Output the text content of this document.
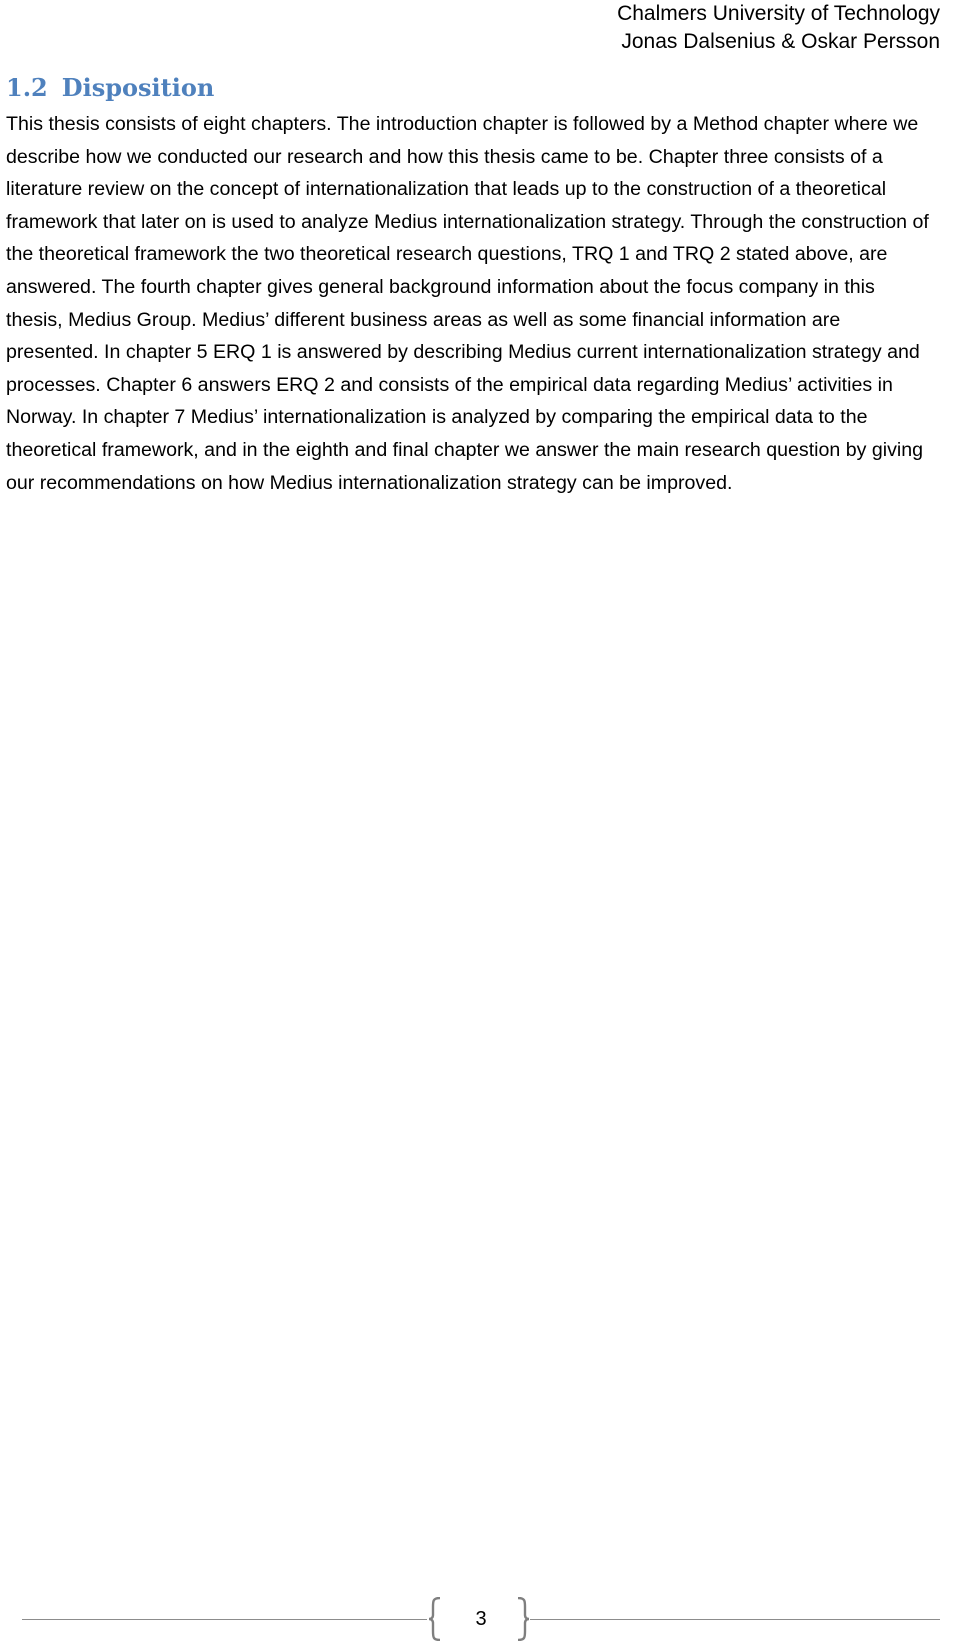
Chalmers University of Technology
Jonas Dalsenius & Oskar Persson
1.2 Disposition

This thesis consists of eight chapters. The introduction chapter is followed by a Method chapter where we describe how we conducted our research and how this thesis came to be. Chapter three consists of a literature review on the concept of internationalization that leads up to the construction of a theoretical framework that later on is used to analyze Medius internationalization strategy. Through the construction of the theoretical framework the two theoretical research questions, TRQ 1 and TRQ 2 stated above, are answered. The fourth chapter gives general background information about the focus company in this thesis, Medius Group. Medius’ different business areas as well as some financial information are presented. In chapter 5 ERQ 1 is answered by describing Medius current internationalization strategy and processes. Chapter 6 answers ERQ 2 and consists of the empirical data regarding Medius’ activities in Norway. In chapter 7 Medius’ internationalization is analyzed by comparing the empirical data to the theoretical framework, and in the eighth and final chapter we answer the main research question by giving our recommendations on how Medius internationalization strategy can be improved.

3
